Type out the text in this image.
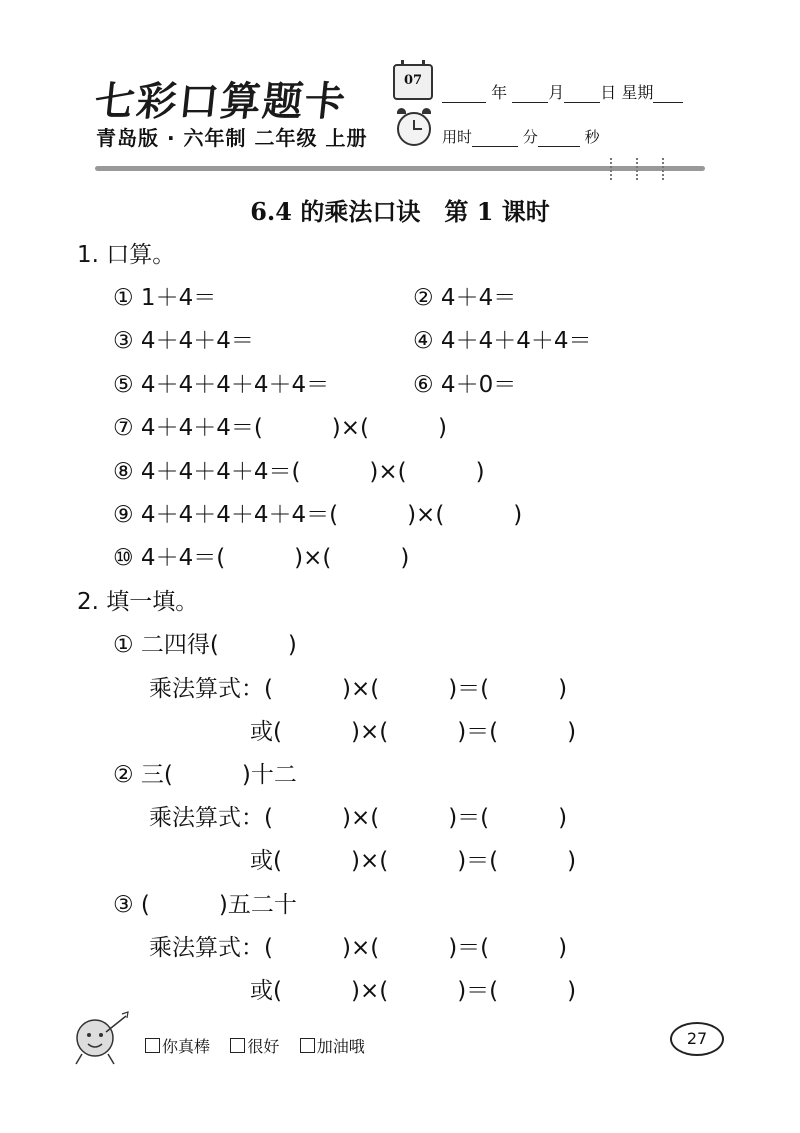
七彩口算题卡
青岛版 · 六年制 二年级 上册
07
年	月 日 星期
用时	分	秒
6.4 的乘法口诀　第 1 课时
1. 口算。
① 1＋4＝	② 4＋4＝
③ 4＋4＋4＝	④ 4＋4＋4＋4＝
⑤ 4＋4＋4＋4＋4＝	⑥ 4＋0＝
⑦ 4＋4＋4＝(　　　)×(　　　)
⑧ 4＋4＋4＋4＝(　　　)×(　　　)
⑨ 4＋4＋4＋4＋4＝(　　　)×(　　　)
⑩ 4＋4＝(　　　)×(　　　)
2. 填一填。
① 二四得(　　　)
乘法算式：(　　　)×(　　　)＝(　　　)
或(　　　)×(　　　)＝(　　　)
② 三(　　　)十二
乘法算式：(　　　)×(　　　)＝(　　　)
或(　　　)×(　　　)＝(　　　)
③ (　　　)五二十
乘法算式：(　　　)×(　　　)＝(　　　)
或(　　　)×(　　　)＝(　　　)
你真棒 很好 加油哦	27
